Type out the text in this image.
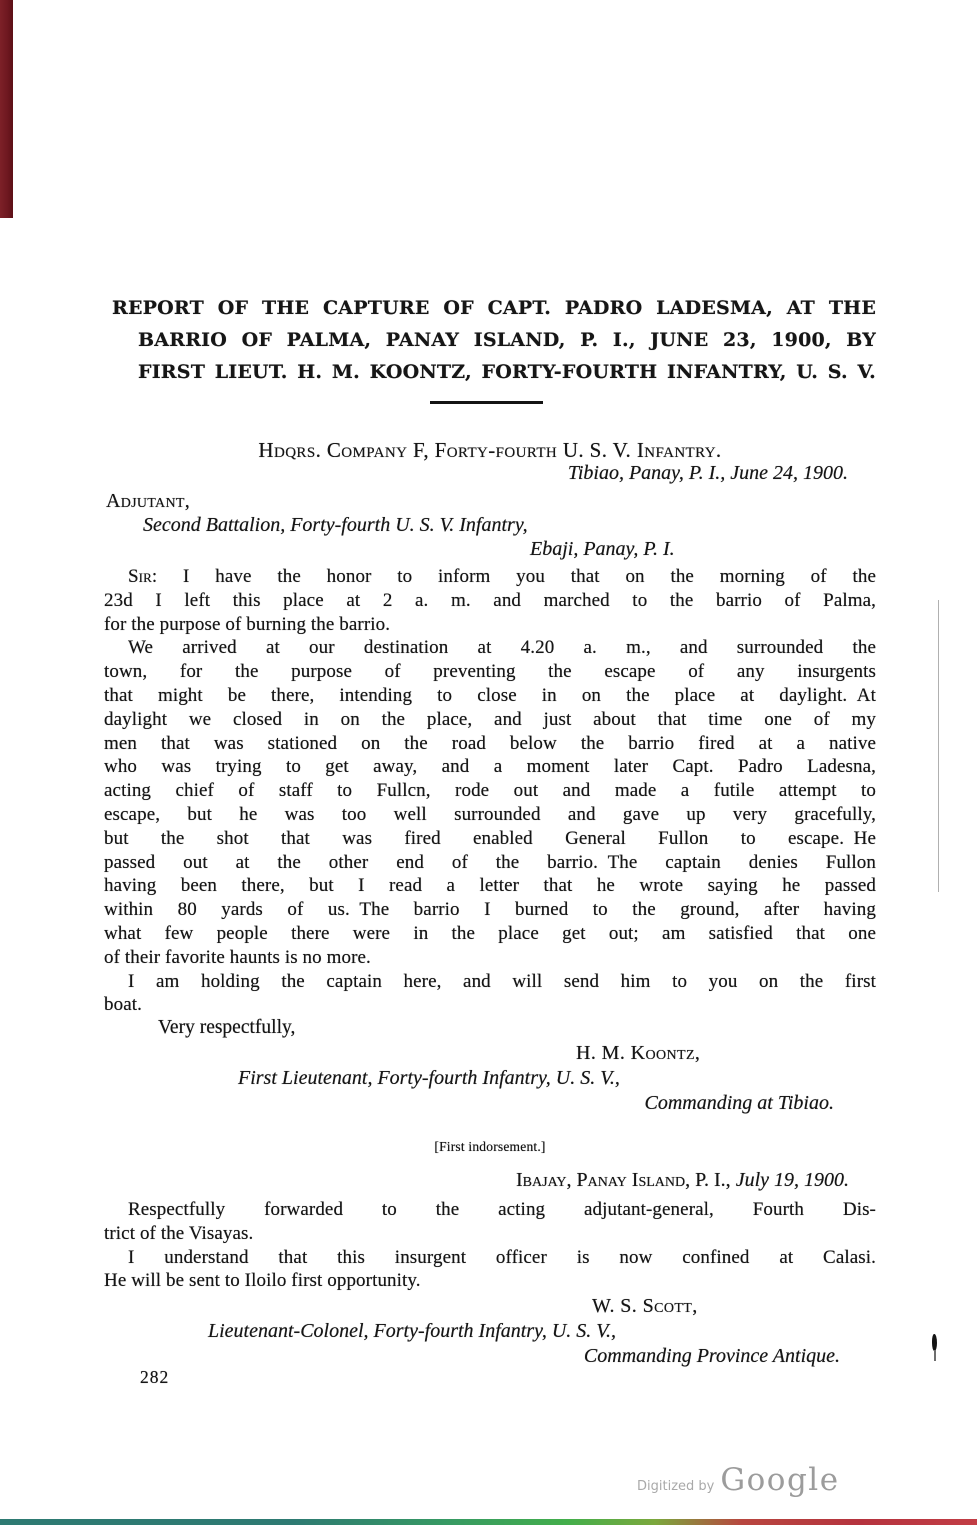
REPORT OF THE CAPTURE OF CAPT. PADRO LADESMA, AT THE
BARRIO OF PALMA, PANAY ISLAND, P. I., JUNE 23, 1900, BY
FIRST LIEUT. H. M. KOONTZ, FORTY-FOURTH INFANTRY, U. S. V.
Hdqrs. Company F, Forty-fourth U. S. V. Infantry.
Tibiao, Panay, P. I., June 24, 1900.
Adjutant,
Second Battalion, Forty-fourth U. S. V. Infantry,
Ebaji, Panay, P. I.
Sir: I have the honor to inform you that on the morning of the
23d I left this place at 2 a. m. and marched to the barrio of Palma,
for the purpose of burning the barrio.
We arrived at our destination at 4.20 a. m., and surrounded the
town, for the purpose of preventing the escape of any insurgents
that might be there, intending to close in on the place at daylight. At
daylight we closed in on the place, and just about that time one of my
men that was stationed on the road below the barrio fired at a native
who was trying to get away, and a moment later Capt. Padro Ladesna,
acting chief of staff to Fullcn, rode out and made a futile attempt to
escape, but he was too well surrounded and gave up very gracefully,
but the shot that was fired enabled General Fullon to escape. He
passed out at the other end of the barrio. The captain denies Fullon
having been there, but I read a letter that he wrote saying he passed
within 80 yards of us. The barrio I burned to the ground, after having
what few people there were in the place get out; am satisfied that one
of their favorite haunts is no more.
I am holding the captain here, and will send him to you on the first
boat.
Very respectfully,
H. M. Koontz,
First Lieutenant, Forty-fourth Infantry, U. S. V.,
Commanding at Tibiao.
[First indorsement.]
Ibajay, Panay Island, P. I., July 19, 1900.
Respectfully forwarded to the acting adjutant-general, Fourth Dis-
trict of the Visayas.
I understand that this insurgent officer is now confined at Calasi.
He will be sent to Iloilo first opportunity.
W. S. Scott,
Lieutenant-Colonel, Forty-fourth Infantry, U. S. V.,
Commanding Province Antique.
282
Digitized by Google
